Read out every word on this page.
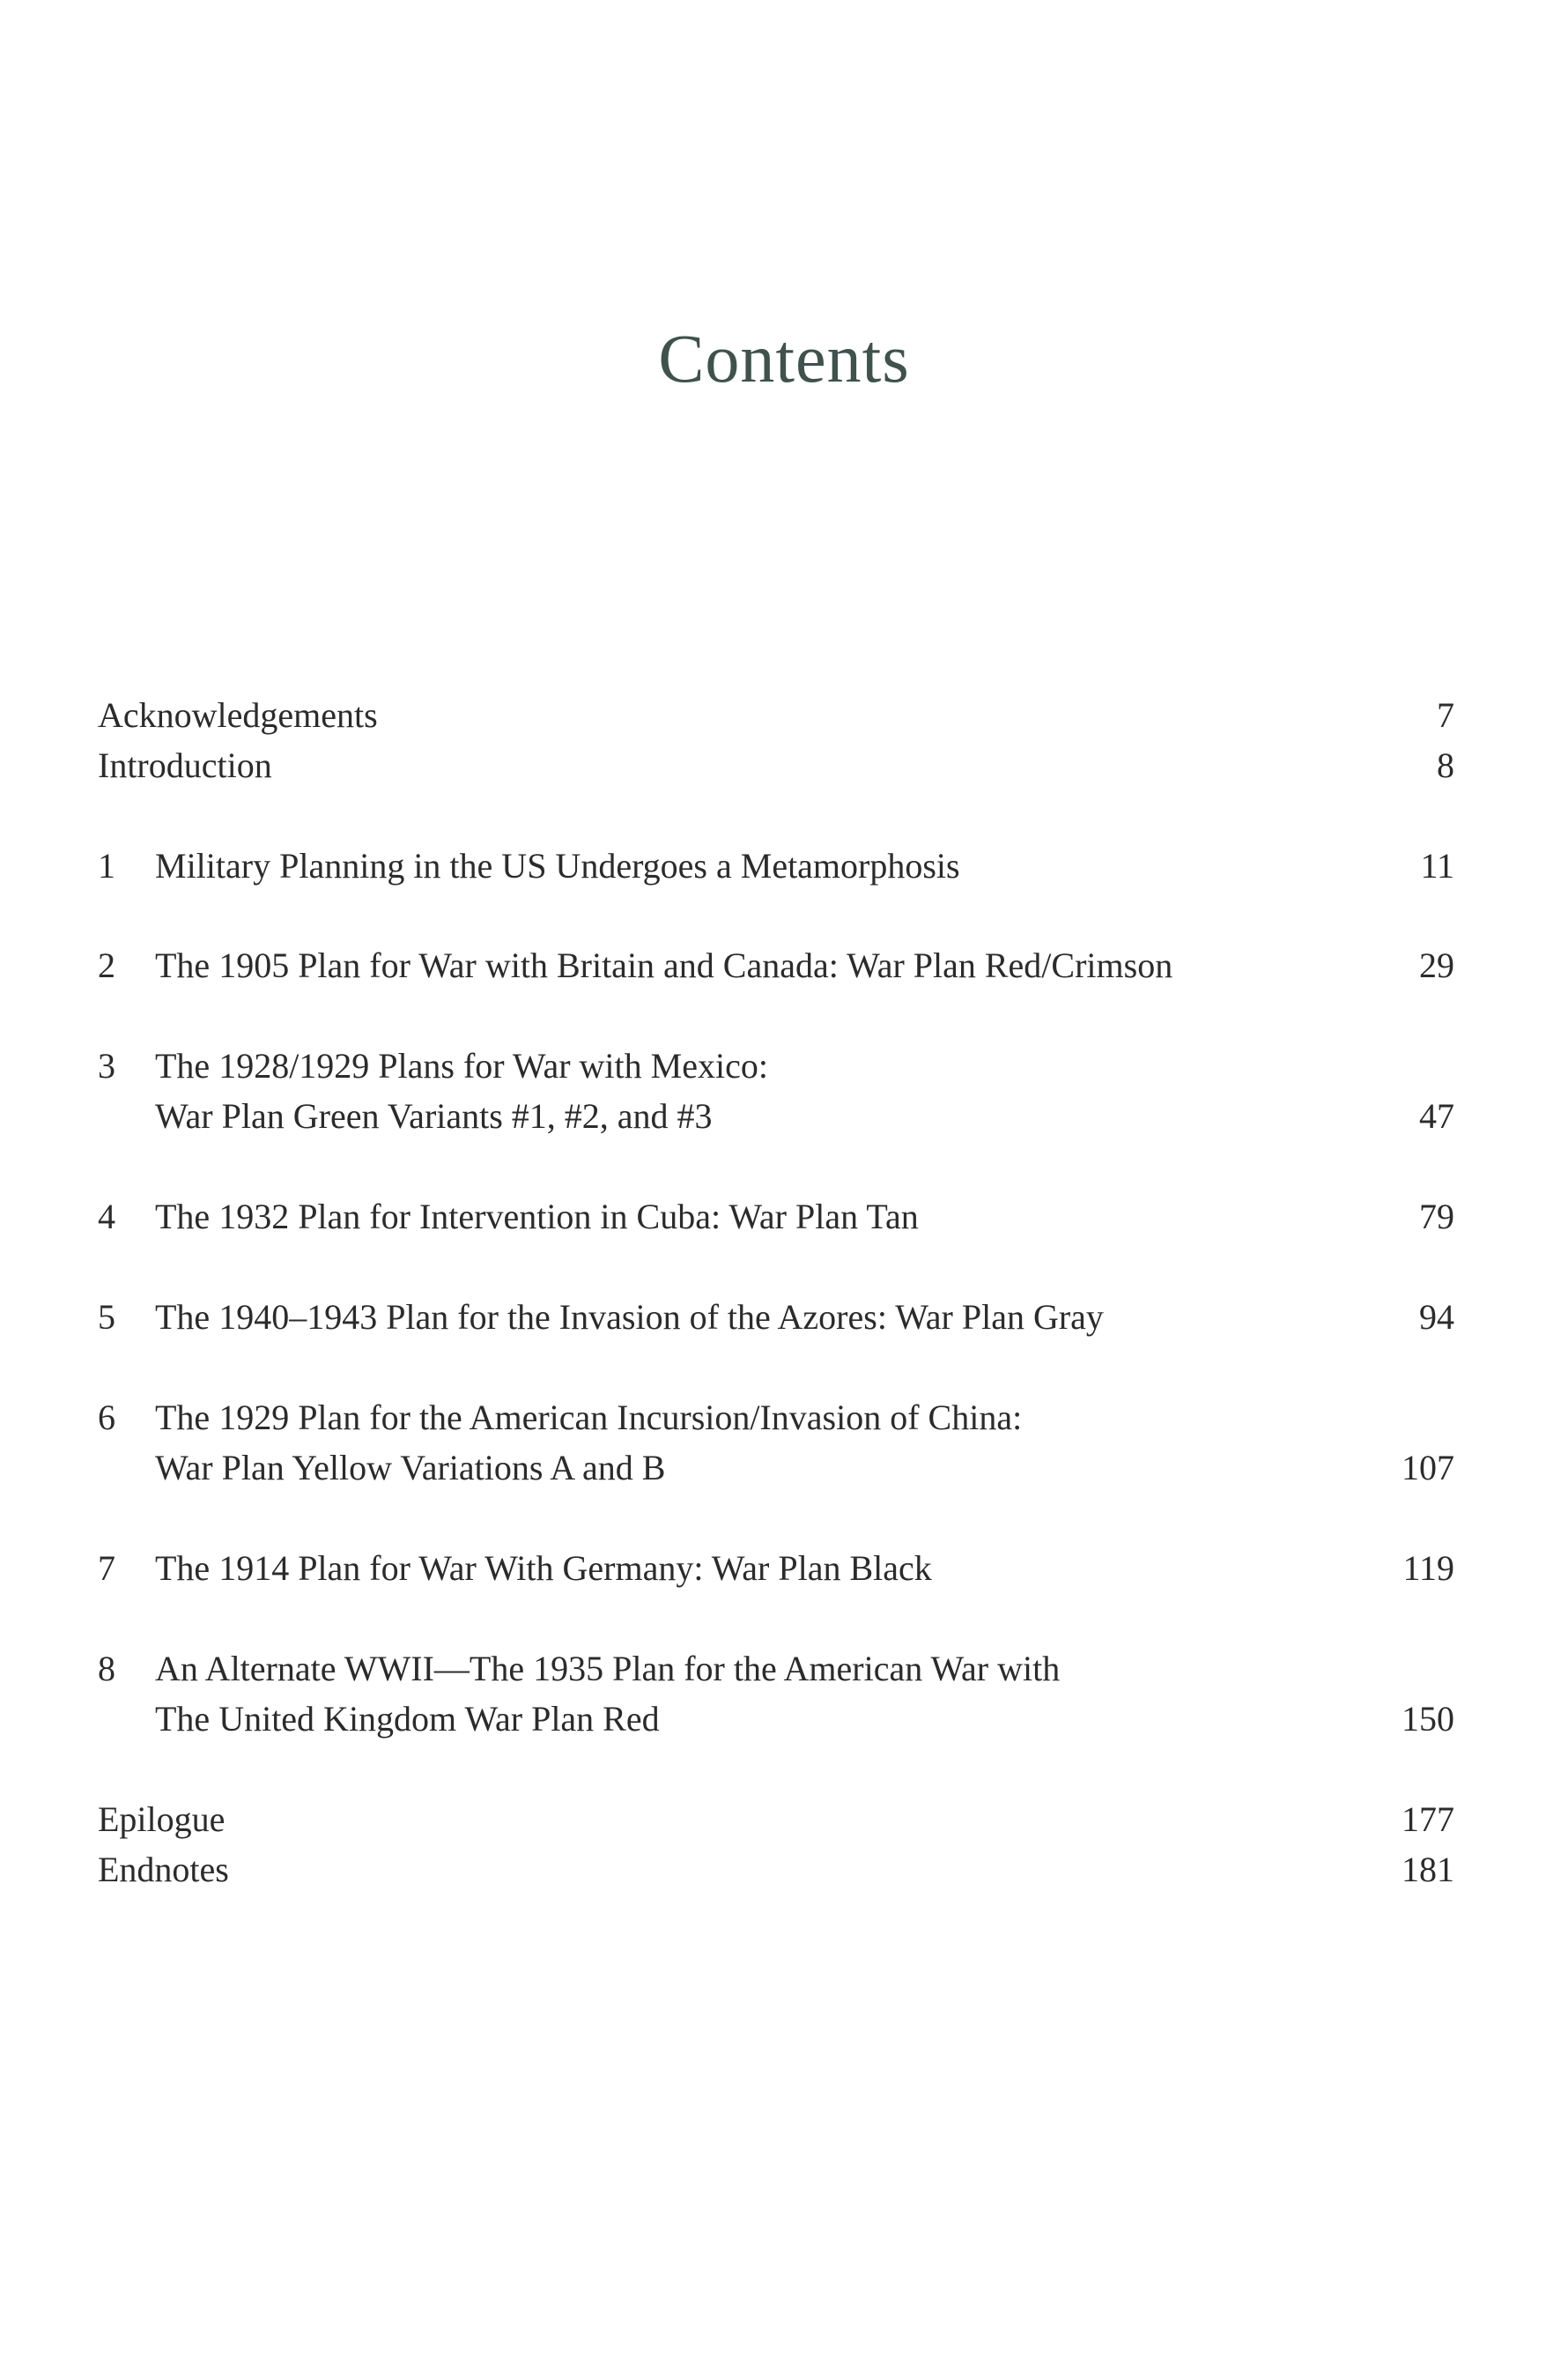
Contents
Acknowledgements	7
Introduction	8
1	Military Planning in the US Undergoes a Metamorphosis	11
2	The 1905 Plan for War with Britain and Canada: War Plan Red/Crimson	29
3	The 1928/1929 Plans for War with Mexico:
War Plan Green Variants #1, #2, and #3	47
4	The 1932 Plan for Intervention in Cuba: War Plan Tan	79
5	The 1940–1943 Plan for the Invasion of the Azores: War Plan Gray	94
6	The 1929 Plan for the American Incursion/Invasion of China:
War Plan Yellow Variations A and B	107
7	The 1914 Plan for War With Germany: War Plan Black	119
8	An Alternate WWII—The 1935 Plan for the American War with
The United Kingdom War Plan Red	150
Epilogue	177
Endnotes	181
